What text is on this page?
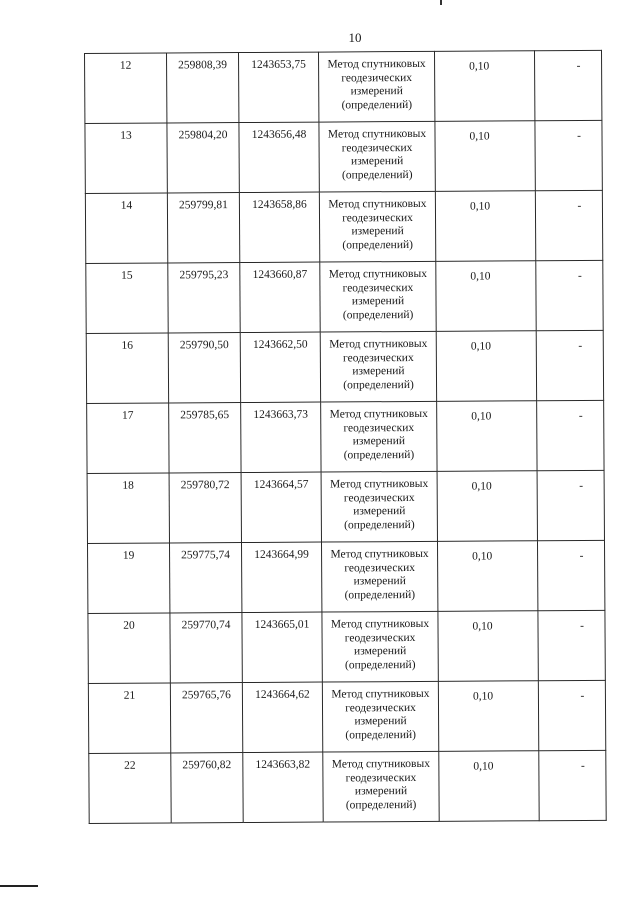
10
12	259808,39	1243653,75	Метод спутниковых геодезических измерений (определений)	0,10	-
13	259804,20	1243656,48	Метод спутниковых геодезических измерений (определений)	0,10	-
14	259799,81	1243658,86	Метод спутниковых геодезических измерений (определений)	0,10	-
15	259795,23	1243660,87	Метод спутниковых геодезических измерений (определений)	0,10	-
16	259790,50	1243662,50	Метод спутниковых геодезических измерений (определений)	0,10	-
17	259785,65	1243663,73	Метод спутниковых геодезических измерений (определений)	0,10	-
18	259780,72	1243664,57	Метод спутниковых геодезических измерений (определений)	0,10	-
19	259775,74	1243664,99	Метод спутниковых геодезических измерений (определений)	0,10	-
20	259770,74	1243665,01	Метод спутниковых геодезических измерений (определений)	0,10	-
21	259765,76	1243664,62	Метод спутниковых геодезических измерений (определений)	0,10	-
22	259760,82	1243663,82	Метод спутниковых геодезических измерений (определений)	0,10	-
